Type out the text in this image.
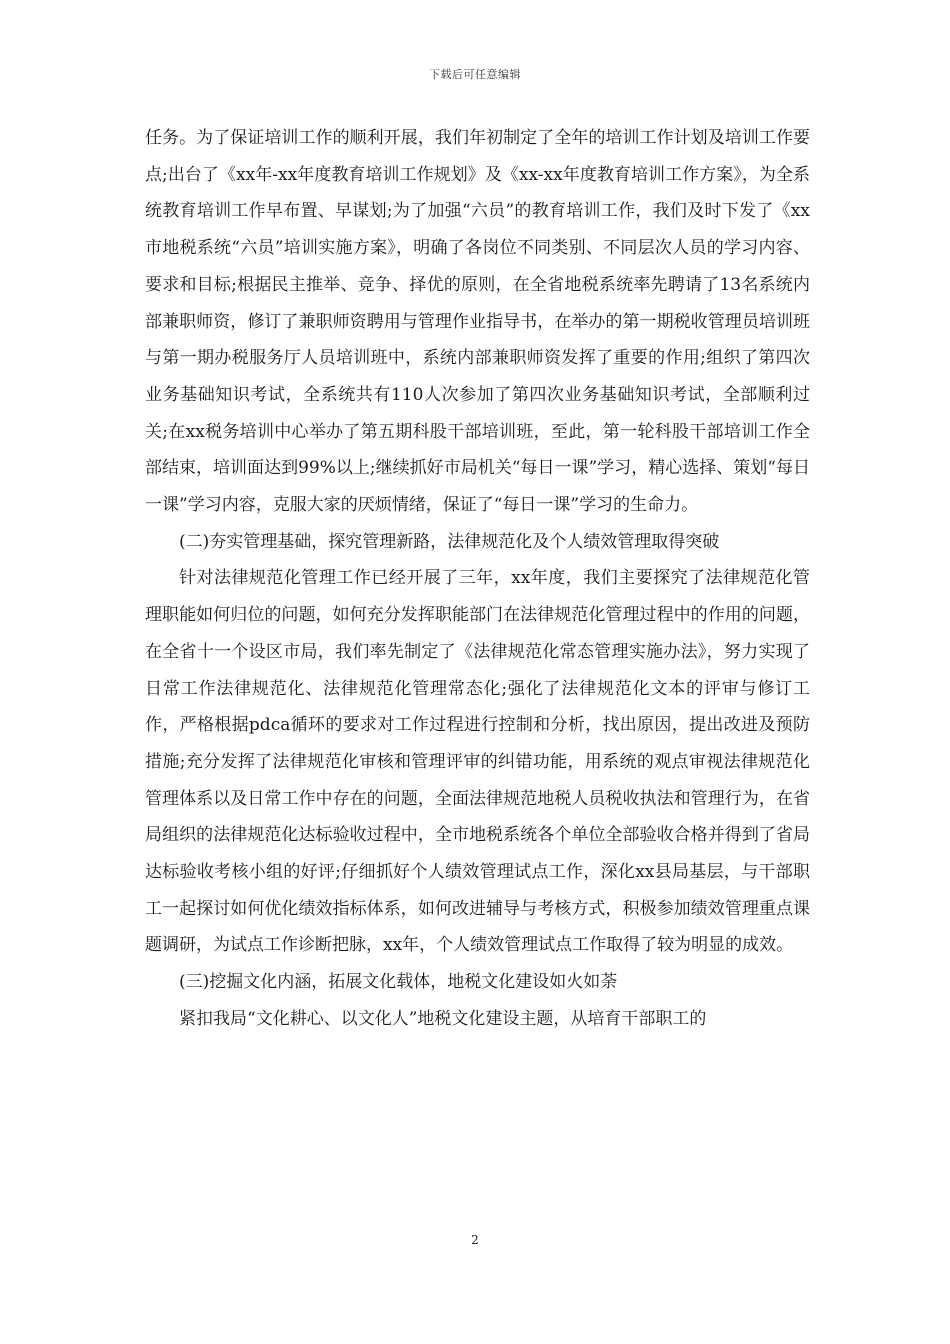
下载后可任意编辑

任务。为了保证培训工作的顺利开展，我们年初制定了全年的培训工作计划及培训工作要点;出台了《xx年-xx年度教育培训工作规划》及《xx-xx年度教育培训工作方案》，为全系统教育培训工作早布置、早谋划;为了加强“六员”的教育培训工作，我们及时下发了《xx市地税系统“六员”培训实施方案》，明确了各岗位不同类别、不同层次人员的学习内容、要求和目标;根据民主推举、竞争、择优的原则，在全省地税系统率先聘请了13名系统内部兼职师资，修订了兼职师资聘用与管理作业指导书，在举办的第一期税收管理员培训班与第一期办税服务厅人员培训班中，系统内部兼职师资发挥了重要的作用;组织了第四次业务基础知识考试，全系统共有110人次参加了第四次业务基础知识考试，全部顺利过关;在xx税务培训中心举办了第五期科股干部培训班，至此，第一轮科股干部培训工作全部结束，培训面达到99%以上;继续抓好市局机关“每日一课”学习，精心选择、策划“每日一课”学习内容，克服大家的厌烦情绪，保证了“每日一课”学习的生命力。

(二)夯实管理基础，探究管理新路，法律规范化及个人绩效管理取得突破

针对法律规范化管理工作已经开展了三年，xx年度，我们主要探究了法律规范化管理职能如何归位的问题，如何充分发挥职能部门在法律规范化管理过程中的作用的问题，在全省十一个设区市局，我们率先制定了《法律规范化常态管理实施办法》，努力实现了日常工作法律规范化、法律规范化管理常态化;强化了法律规范化文本的评审与修订工作，严格根据pdca循环的要求对工作过程进行控制和分析，找出原因，提出改进及预防措施;充分发挥了法律规范化审核和管理评审的纠错功能，用系统的观点审视法律规范化管理体系以及日常工作中存在的问题，全面法律规范地税人员税收执法和管理行为，在省局组织的法律规范化达标验收过程中，全市地税系统各个单位全部验收合格并得到了省局达标验收考核小组的好评;仔细抓好个人绩效管理试点工作，深化xx县局基层，与干部职工一起探讨如何优化绩效指标体系，如何改进辅导与考核方式，积极参加绩效管理重点课题调研，为试点工作诊断把脉，xx年，个人绩效管理试点工作取得了较为明显的成效。

(三)挖掘文化内涵，拓展文化载体，地税文化建设如火如荼

紧扣我局“文化耕心、以文化人”地税文化建设主题，从培育干部职工的

2
